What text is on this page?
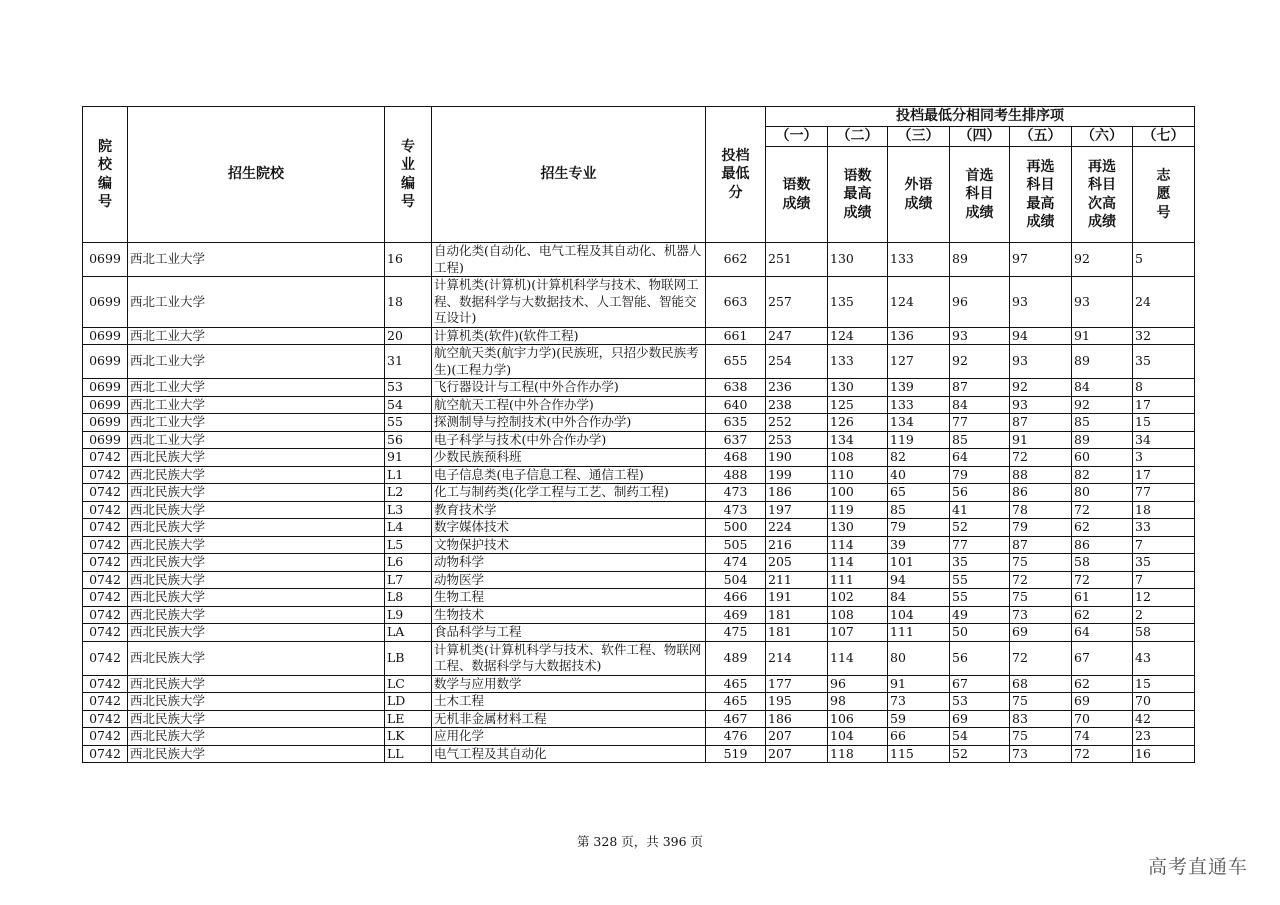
院校编号	招生院校	专业编号	招生专业	投档最低分	投档最低分相同考生排序项						
					（一）	（二）	（三）	（四）	（五）	（六）	（七）
					语数成绩	语数最高成绩	外语成绩	首选科目成绩	再选科目最高成绩	再选科目次高成绩	志愿号
0699	西北工业大学	16	自动化类(自动化、电气工程及其自动化、机器人工程)	662	251	130	133	89	97	92	5
0699	西北工业大学	18	计算机类(计算机)(计算机科学与技术、物联网工程、数据科学与大数据技术、人工智能、智能交互设计)	663	257	135	124	96	93	93	24
0699	西北工业大学	20	计算机类(软件)(软件工程)	661	247	124	136	93	94	91	32
0699	西北工业大学	31	航空航天类(航宇力学)(民族班，只招少数民族考生)(工程力学)	655	254	133	127	92	93	89	35
0699	西北工业大学	53	飞行器设计与工程(中外合作办学)	638	236	130	139	87	92	84	8
0699	西北工业大学	54	航空航天工程(中外合作办学)	640	238	125	133	84	93	92	17
0699	西北工业大学	55	探测制导与控制技术(中外合作办学)	635	252	126	134	77	87	85	15
0699	西北工业大学	56	电子科学与技术(中外合作办学)	637	253	134	119	85	91	89	34
0742	西北民族大学	91	少数民族预科班	468	190	108	82	64	72	60	3
0742	西北民族大学	L1	电子信息类(电子信息工程、通信工程)	488	199	110	40	79	88	82	17
0742	西北民族大学	L2	化工与制药类(化学工程与工艺、制药工程)	473	186	100	65	56	86	80	77
0742	西北民族大学	L3	教育技术学	473	197	119	85	41	78	72	18
0742	西北民族大学	L4	数字媒体技术	500	224	130	79	52	79	62	33
0742	西北民族大学	L5	文物保护技术	505	216	114	39	77	87	86	7
0742	西北民族大学	L6	动物科学	474	205	114	101	35	75	58	35
0742	西北民族大学	L7	动物医学	504	211	111	94	55	72	72	7
0742	西北民族大学	L8	生物工程	466	191	102	84	55	75	61	12
0742	西北民族大学	L9	生物技术	469	181	108	104	49	73	62	2
0742	西北民族大学	LA	食品科学与工程	475	181	107	111	50	69	64	58
0742	西北民族大学	LB	计算机类(计算机科学与技术、软件工程、物联网工程、数据科学与大数据技术)	489	214	114	80	56	72	67	43
0742	西北民族大学	LC	数学与应用数学	465	177	96	91	67	68	62	15
0742	西北民族大学	LD	土木工程	465	195	98	73	53	75	69	70
0742	西北民族大学	LE	无机非金属材料工程	467	186	106	59	69	83	70	42
0742	西北民族大学	LK	应用化学	476	207	104	66	54	75	74	23
0742	西北民族大学	LL	电气工程及其自动化	519	207	118	115	52	73	72	16
第 328 页，共 396 页
高考直通车
